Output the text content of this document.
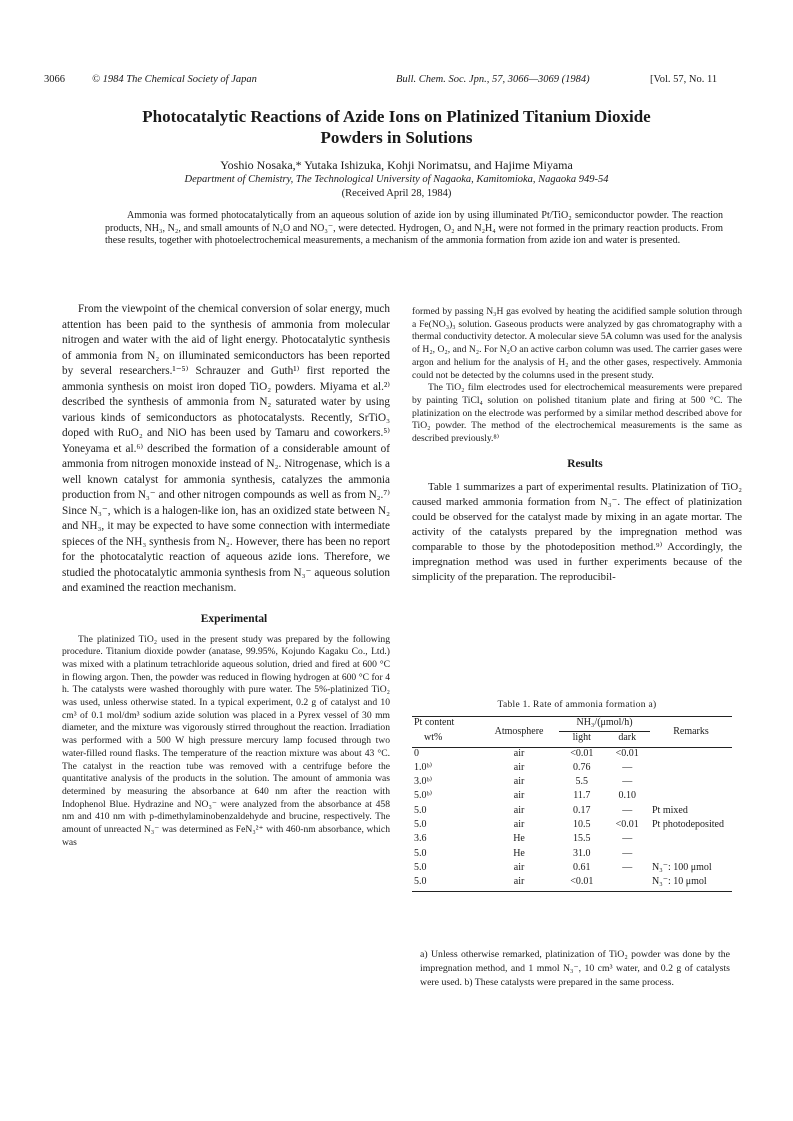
3066	© 1984 The Chemical Society of Japan	Bull. Chem. Soc. Jpn., 57, 3066—3069 (1984)	[Vol. 57, No. 11
Photocatalytic Reactions of Azide Ions on Platinized Titanium Dioxide Powders in Solutions
Yoshio Nosaka,* Yutaka Ishizuka, Kohji Norimatsu, and Hajime Miyama
Department of Chemistry, The Technological University of Nagaoka, Kamitomioka, Nagaoka 949-54
(Received April 28, 1984)
Ammonia was formed photocatalytically from an aqueous solution of azide ion by using illuminated Pt/TiO₂ semiconductor powder. The reaction products, NH₃, N₂, and small amounts of N₂O and NO₃⁻, were detected. Hydrogen, O₂ and N₂H₄ were not formed in the primary reaction products. From these results, together with photoelectrochemical measurements, a mechanism of the ammonia formation from azide ion and water is presented.

From the viewpoint of the chemical conversion of solar energy, much attention has been paid to the synthesis of ammonia from molecular nitrogen and water with the aid of light energy. Photocatalytic synthesis of ammonia from N₂ on illuminated semiconductors has been reported by several researchers.¹⁻⁵⁾ Schrauzer and Guth¹⁾ first reported the ammonia synthesis on moist iron doped TiO₂ powders. Miyama et al.²⁾ described the synthesis of ammonia from N₂ saturated water by using various kinds of semiconductors as photocatalysts. Recently, SrTiO₃ doped with RuO₂ and NiO has been used by Tamaru and coworkers.⁵⁾ Yoneyama et al.⁶⁾ described the formation of a considerable amount of ammonia from nitrogen monoxide instead of N₂. Nitrogenase, which is a well known catalyst for ammonia synthesis, catalyzes the ammonia production from N₃⁻ and other nitrogen compounds as well as from N₂.⁷⁾ Since N₃⁻, which is a halogen-like ion, has an oxidized state between N₂ and NH₃, it may be expected to have some connection with intermediate spieces of the NH₃ synthesis from N₂. However, there has been no report for the photocatalytic reaction of aqueous azide ions. Therefore, we studied the photocatalytic ammonia synthesis from N₃⁻ aqueous solution and examined the reaction mechanism.

Experimental

The platinized TiO₂ used in the present study was prepared by the following procedure. Titanium dioxide powder (anatase, 99.95%, Kojundo Kagaku Co., Ltd.) was mixed with a platinum tetrachloride aqueous solution, dried and fired at 600 °C in flowing argon. Then, the powder was reduced in flowing hydrogen at 600 °C for 4 h. The catalysts were washed thoroughly with pure water. The 5%-platinized TiO₂ was used, unless otherwise stated. In a typical experiment, 0.2 g of catalyst and 10 cm³ of 0.1 mol/dm³ sodium azide solution was placed in a Pyrex vessel of 30 mm diameter, and the mixture was vigorously stirred throughout the reaction. Irradiation was performed with a 500 W high pressure mercury lamp focused through two water-filled round flasks. The temperature of the reaction mixture was about 43 °C. The catalyst in the reaction tube was removed with a centrifuge before the quantitative analysis of the products in the solution. The amount of ammonia was determined by measuring the absorbance at 640 nm after the reaction with Indophenol Blue. Hydrazine and NO₃⁻ were analyzed from the absorbance at 458 nm and 410 nm with p-dimethylaminobenzaldehyde and brucine, respectively. The amount of unreacted N₃⁻ was determined as FeN₃²⁺ with 460-nm absorbance, which was

formed by passing N₃H gas evolved by heating the acidified sample solution through a Fe(NO₃)₃ solution. Gaseous products were analyzed by gas chromatography with a thermal conductivity detector. A molecular sieve 5A column was used for the analysis of H₂, O₂, and N₂. For N₂O an active carbon column was used. The carrier gases were argon and helium for the analysis of H₂ and the other gases, respectively. Ammonia could not be detected by the columns used in the present study.

The TiO₂ film electrodes used for electrochemical measurements were prepared by painting TiCl₄ solution on polished titanium plate and firing at 500 °C. The platinization on the electrode was performed by a similar method described above for TiO₂ powder. The method of the electrochemical measurements is the same as described previously.⁸⁾

Results

Table 1 summarizes a part of experimental results. Platinization of TiO₂ caused marked ammonia formation from N₃⁻. The effect of platinization could be observed for the catalyst made by mixing in an agate mortar. The activity of the catalysts prepared by the impregnation method was comparable to those by the photodeposition method.⁹⁾ Accordingly, the impregnation method was used in further experiments because of the simplicity of the preparation. The reproducibil-

Table 1. Rate of ammonia formation a)
Pt content	Atmosphere	NH₃/(μmol/h)		Remarks
wt%		light	dark	
0	air	<0.01	<0.01	
1.0ᵇ⁾	air	0.76	—	
3.0ᵇ⁾	air	5.5	—	
5.0ᵇ⁾	air	11.7	0.10	
5.0	air	0.17	—	Pt mixed
5.0	air	10.5	<0.01	Pt photodeposited
3.6	He	15.5	—	
5.0	He	31.0	—	
5.0	air	0.61	—	N₃⁻: 100 μmol
5.0	air	<0.01		N₃⁻: 10 μmol
a) Unless otherwise remarked, platinization of TiO₂ powder was done by the impregnation method, and 1 mmol N₃⁻, 10 cm³ water, and 0.2 g of catalysts were used. b) These catalysts were prepared in the same process.
